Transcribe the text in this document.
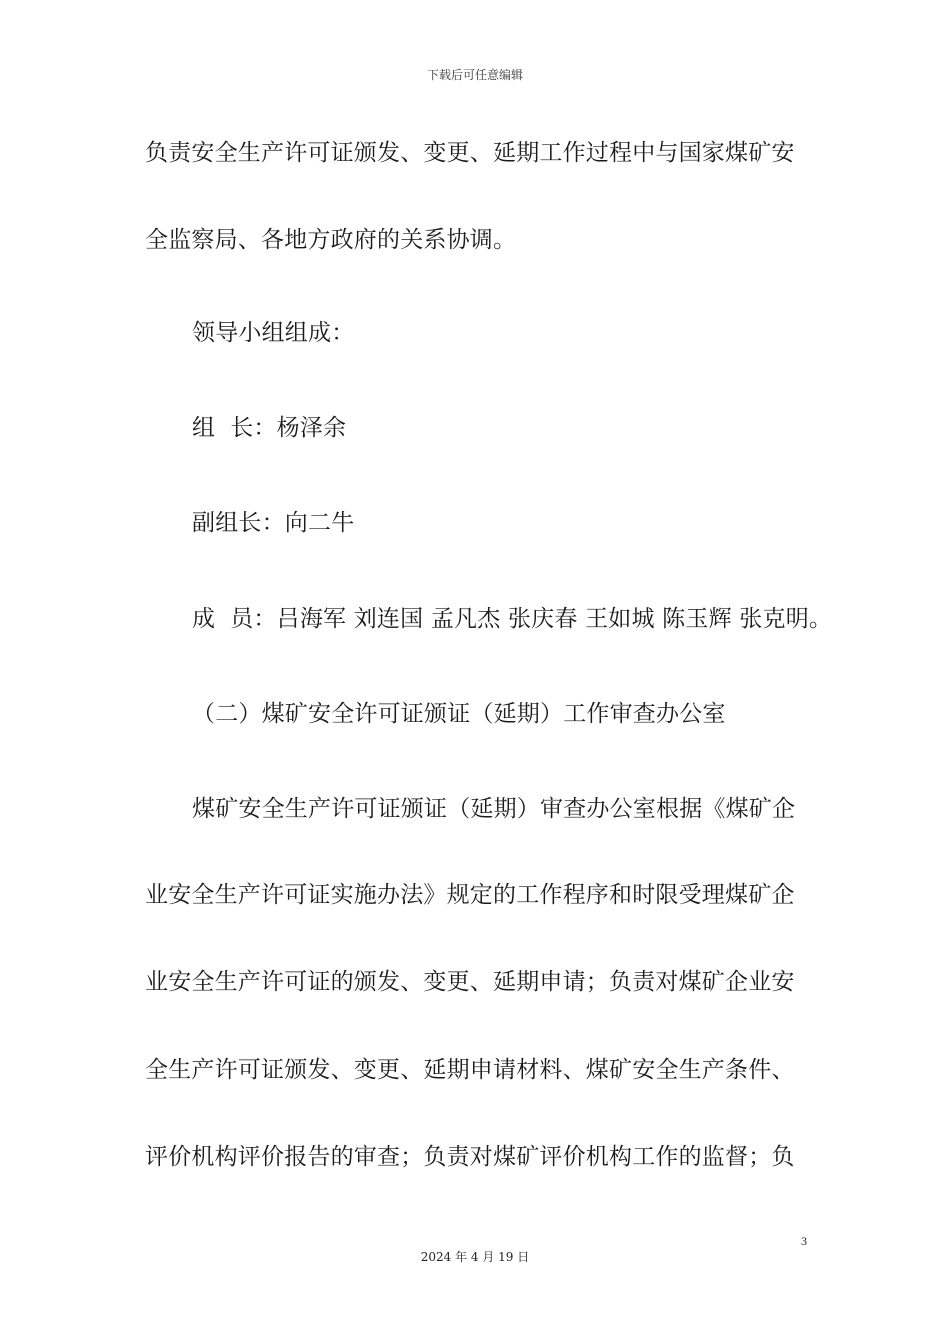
下载后可任意编辑
负责安全生产许可证颁发、变更、延期工作过程中与国家煤矿安
全监察局、各地方政府的关系协调。
领导小组组成：
组  长：杨泽余
副组长：向二牛
成  员：吕海军 刘连国 孟凡杰 张庆春 王如城 陈玉辉 张克明。
（二）煤矿安全许可证颁证（延期）工作审查办公室
煤矿安全生产许可证颁证（延期）审查办公室根据《煤矿企
业安全生产许可证实施办法》规定的工作程序和时限受理煤矿企
业安全生产许可证的颁发、变更、延期申请；负责对煤矿企业安
全生产许可证颁发、变更、延期申请材料、煤矿安全生产条件、
评价机构评价报告的审查；负责对煤矿评价机构工作的监督；负
3
2024 年 4 月 19 日
